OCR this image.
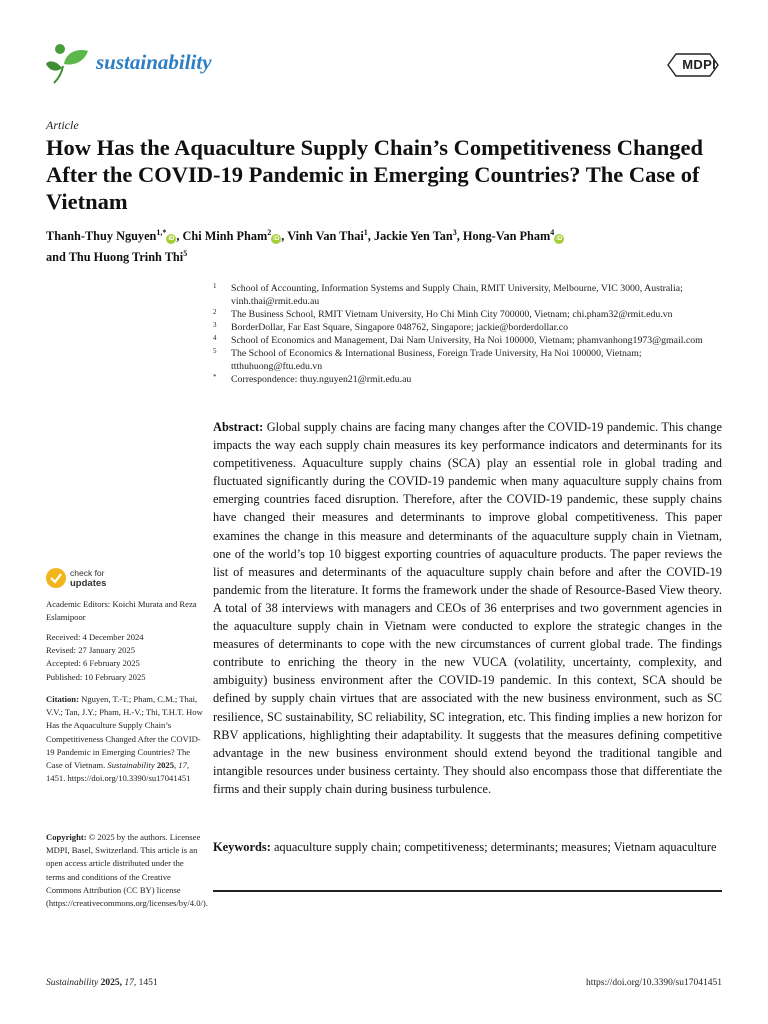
sustainability	MDPI
Article
How Has the Aquaculture Supply Chain’s Competitiveness Changed After the COVID-19 Pandemic in Emerging Countries? The Case of Vietnam
Thanh-Thuy Nguyen$^{1,*}$iD , Chi Minh Pham$^2$iD , Vinh Van Thai$^1$, Jackie Yen Tan$^3$, Hong-Van Pham$^4$iD
and Thu Huong Trinh Thi$^5$
1 School of Accounting, Information Systems and Supply Chain, RMIT University, Melbourne, VIC 3000, Australia; vinh.thai@rmit.edu.au
2 The Business School, RMIT Vietnam University, Ho Chi Minh City 700000, Vietnam; chi.pham32@rmit.edu.vn
3 BorderDollar, Far East Square, Singapore 048762, Singapore; jackie@borderdollar.co
4 School of Economics and Management, Dai Nam University, Ha Noi 100000, Vietnam; phamvanhong1973@gmail.com
5 The School of Economics & International Business, Foreign Trade University, Ha Noi 100000, Vietnam; ttthuhuong@ftu.edu.vn
* Correspondence: thuy.nguyen21@rmit.edu.au
Abstract: Global supply chains are facing many changes after the COVID-19 pandemic. This change impacts the way each supply chain measures its key performance indicators and determinants for its competitiveness. Aquaculture supply chains (SCA) play an essential role in global trading and fluctuated significantly during the COVID-19 pandemic when many aquaculture supply chains from emerging countries faced disruption. Therefore, after the COVID-19 pandemic, these supply chains have changed their measures and determinants to improve global competitiveness. This paper examines the change in this measure and determinants of the aquaculture supply chain in Vietnam, one of the world’s top 10 biggest exporting countries of aquaculture products. The paper reviews the list of measures and determinants of the aquaculture supply chain before and after the COVID-19 pandemic from the literature. It forms the framework under the shade of Resource-Based View theory. A total of 38 interviews with managers and CEOs of 36 enterprises and two government agencies in the aquaculture supply chain in Vietnam were conducted to explore the strategic changes in the measures of determinants to cope with the new circumstances of current global trade. The findings contribute to enriching the theory in the new VUCA (volatility, uncertainty, complexity, and ambiguity) business environment after the COVID-19 pandemic. In this context, SCA should be defined by supply chain virtues that are associated with the new business environment, such as SC resilience, SC sustainability, SC reliability, SC integration, etc. This finding implies a new horizon for RBV applications, highlighting their adaptability. It suggests that the measures defining competitive advantage in the new business environment should extend beyond the traditional tangible and intangible resources under business certainty. They should also encompass those that differentiate the firms and their supply chain during business turbulence.
Keywords: aquaculture supply chain; competitiveness; determinants; measures; Vietnam aquaculture
check for
updates
Academic Editors: Koichi Murata and Reza Eslamipoor
Received: 4 December 2024
Revised: 27 January 2025
Accepted: 6 February 2025
Published: 10 February 2025
Citation: Nguyen, T.-T.; Pham, C.M.; Thai, V.V.; Tan, J.Y.; Pham, H.-V.; Thi, T.H.T. How Has the Aquaculture Supply Chain’s Competitiveness Changed After the COVID-19 Pandemic in Emerging Countries? The Case of Vietnam. Sustainability 2025, 17, 1451. https://doi.org/10.3390/su17041451
Copyright: © 2025 by the authors. Licensee MDPI, Basel, Switzerland. This article is an open access article distributed under the terms and conditions of the Creative Commons Attribution (CC BY) license (https://creativecommons.org/licenses/by/4.0/).
Sustainability 2025, 17, 1451	https://doi.org/10.3390/su17041451
